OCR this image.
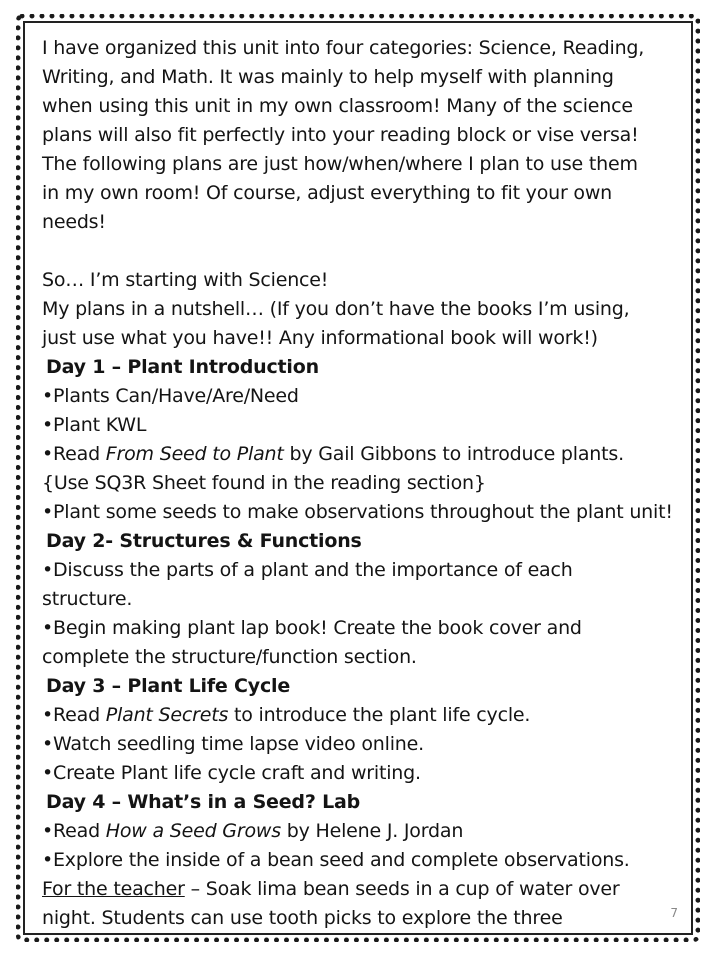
I have organized this unit into four categories: Science, Reading,
Writing, and Math. It was mainly to help myself with planning
when using this unit in my own classroom! Many of the science
plans will also fit perfectly into your reading block or vise versa!
The following plans are just how/when/where I plan to use them
in my own room! Of course, adjust everything to fit your own
needs!
So… I’m starting with Science!
My plans in a nutshell… (If you don’t have the books I’m using,
just use what you have!! Any informational book will work!)
Day 1 – Plant Introduction
•Plants Can/Have/Are/Need
•Plant KWL
•Read From Seed to Plant by Gail Gibbons to introduce plants.
{Use SQ3R Sheet found in the reading section}
•Plant some seeds to make observations throughout the plant unit!
Day 2- Structures & Functions
•Discuss the parts of a plant and the importance of each
structure.
•Begin making plant lap book! Create the book cover and
complete the structure/function section.
Day 3 – Plant Life Cycle
•Read Plant Secrets to introduce the plant life cycle.
•Watch seedling time lapse video online.
•Create Plant life cycle craft and writing.
Day 4 – What’s in a Seed? Lab
•Read How a Seed Grows by Helene J. Jordan
•Explore the inside of a bean seed and complete observations.
For the teacher – Soak lima bean seeds in a cup of water over
night. Students can use tooth picks to explore the three	7
